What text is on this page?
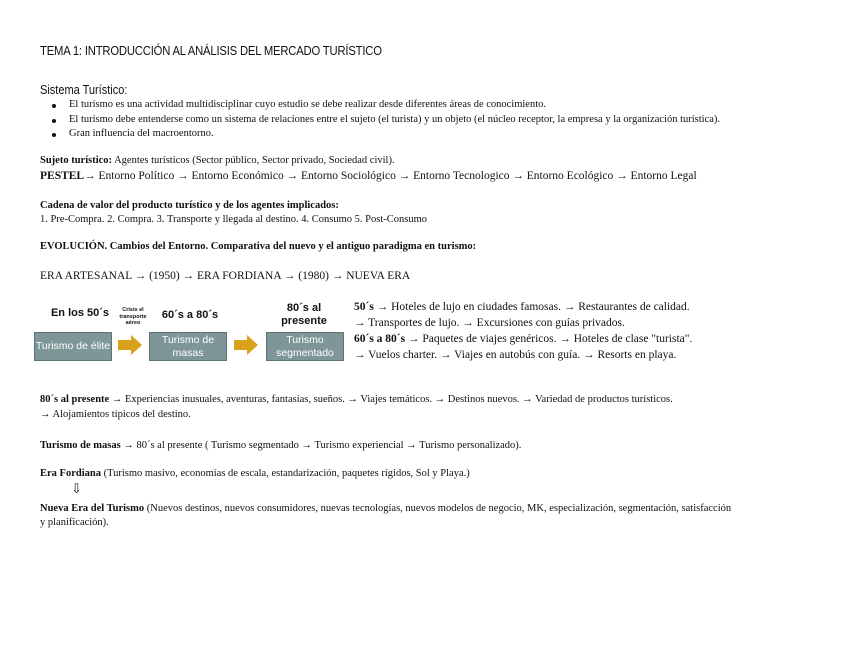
TEMA 1: INTRODUCCIÓN AL ANÁLISIS DEL MERCADO TURÍSTICO
Sistema Turístico:
El turismo es una actividad multidisciplinar cuyo estudio se debe realizar desde diferentes áreas de conocimiento.
El turismo debe entenderse como un sistema de relaciones entre el sujeto (el turista) y un objeto (el núcleo receptor, la empresa y la organización turística).
Gran influencia del macroentorno.
Sujeto turístico: Agentes turísticos (Sector público, Sector privado, Sociedad civil).
PESTEL→ Entorno Político → Entorno Económico → Entorno Sociológico → Entorno Tecnologico → Entorno Ecológico → Entorno Legal
Cadena de valor del producto turístico y de los agentes implicados:
1. Pre-Compra. 2. Compra. 3. Transporte y llegada al destino. 4. Consumo 5. Post-Consumo
EVOLUCIÓN. Cambios del Entorno. Comparativa del nuevo y el antiguo paradigma en turismo:
ERA ARTESANAL → (1950) → ERA FORDIANA → (1980) → NUEVA ERA
En los 50´s	Crisis el transporte aéreo
60´s a 80´s
80´s al presente
Turismo de élite
Turismo de masas
Turismo segmentado
50´s → Hoteles de lujo en ciudades famosas. → Restaurantes de calidad.
→ Transportes de lujo. → Excursiones con guías privados.
60´s a 80´s → Paquetes de viajes genéricos. → Hoteles de clase "turista".
→ Vuelos charter. → Viajes en autobús con guía. → Resorts en playa.
80´s al presente → Experiencias inusuales, aventuras, fantasías, sueños. → Viajes temáticos. → Destinos nuevos. → Variedad de productos turísticos.
→ Alojamientos típicos del destino.
Turismo de masas → 80´s al presente ( Turismo segmentado → Turismo experiencial → Turismo personalizado).
Era Fordiana (Turismo masivo, economías de escala, estandarización, paquetes rígidos, Sol y Playa.)
⇩
Nueva Era del Turismo (Nuevos destinos, nuevos consumidores, nuevas tecnologías, nuevos modelos de negocio, MK, especialización, segmentación, satisfacción
y planificación).
